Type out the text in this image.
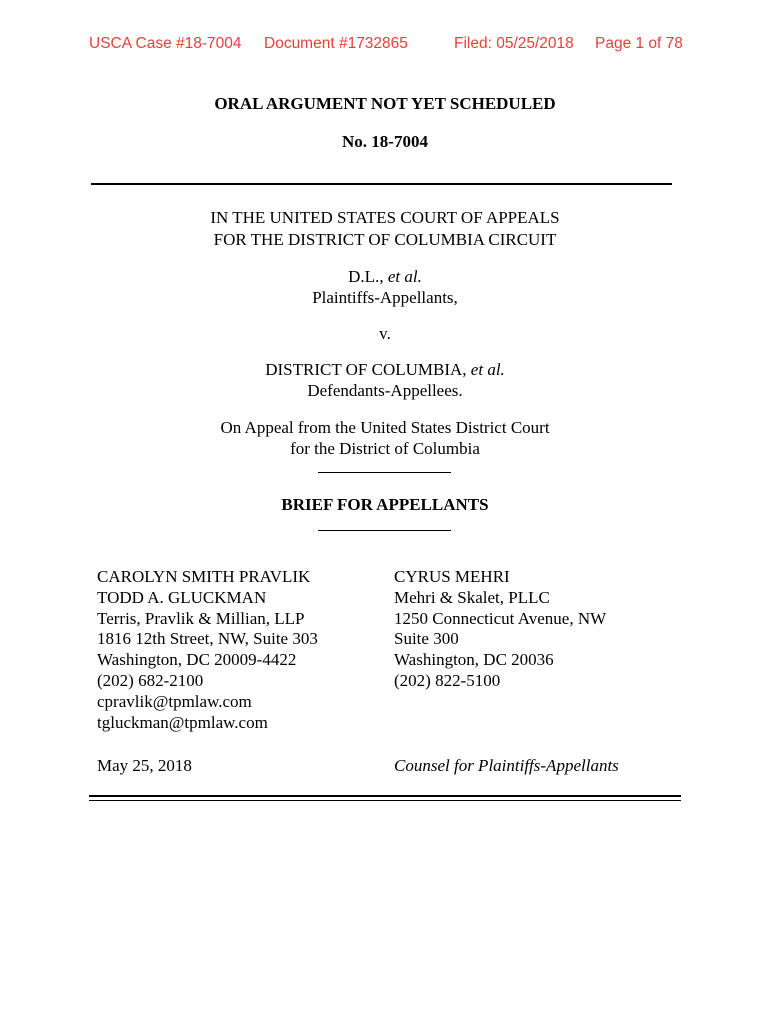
USCA Case #18-7004 Document #1732865	Filed: 05/25/2018 Page 1 of 78
ORAL ARGUMENT NOT YET SCHEDULED
No. 18-7004
IN THE UNITED STATES COURT OF APPEALS
FOR THE DISTRICT OF COLUMBIA CIRCUIT
D.L., et al.
Plaintiffs-Appellants,
v.
DISTRICT OF COLUMBIA, et al.
Defendants-Appellees.
On Appeal from the United States District Court
for the District of Columbia
BRIEF FOR APPELLANTS
CAROLYN SMITH PRAVLIK
TODD A. GLUCKMAN
Terris, Pravlik & Millian, LLP
1816 12th Street, NW, Suite 303
Washington, DC 20009-4422
(202) 682-2100
cpravlik@tpmlaw.com
tgluckman@tpmlaw.com
CYRUS MEHRI
Mehri & Skalet, PLLC
1250 Connecticut Avenue, NW
Suite 300
Washington, DC 20036
(202) 822-5100
May 25, 2018	Counsel for Plaintiffs-Appellants
